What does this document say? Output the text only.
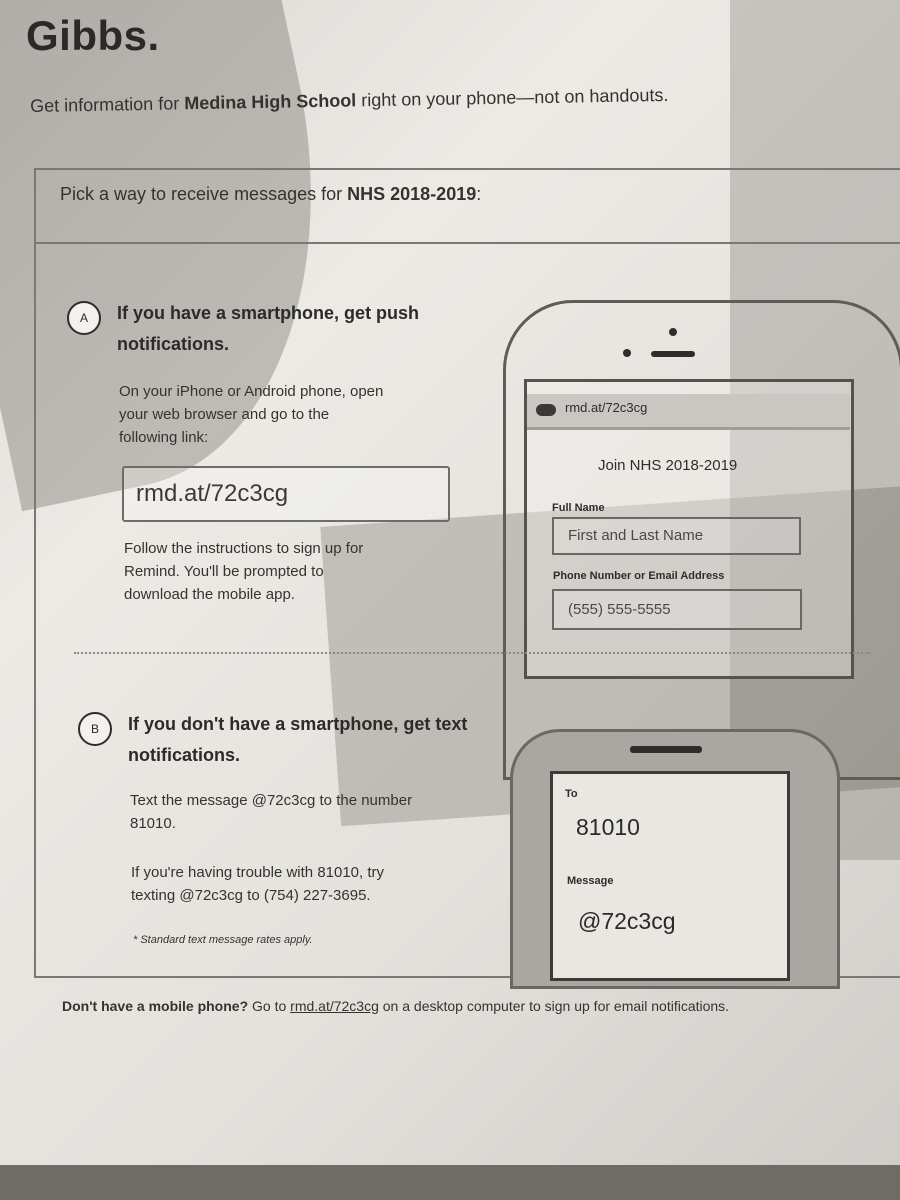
Gibbs.
Get information for Medina High School right on your phone—not on handouts.
Pick a way to receive messages for NHS 2018-2019:
A	If you have a smartphone, get push notifications.
On your iPhone or Android phone, open your web browser and go to the following link:
rmd.at/72c3cg
Follow the instructions to sign up for Remind. You'll be prompted to download the mobile app.
rmd.at/72c3cg
Join NHS 2018-2019
Full Name
First and Last Name
Phone Number or Email Address
(555) 555-5555
B	If you don't have a smartphone, get text notifications.
Text the message @72c3cg to the number 81010.
If you're having trouble with 81010, try texting @72c3cg to (754) 227-3695.
* Standard text message rates apply.
To
81010
Message
@72c3cg
Don't have a mobile phone? Go to rmd.at/72c3cg on a desktop computer to sign up for email notifications.
